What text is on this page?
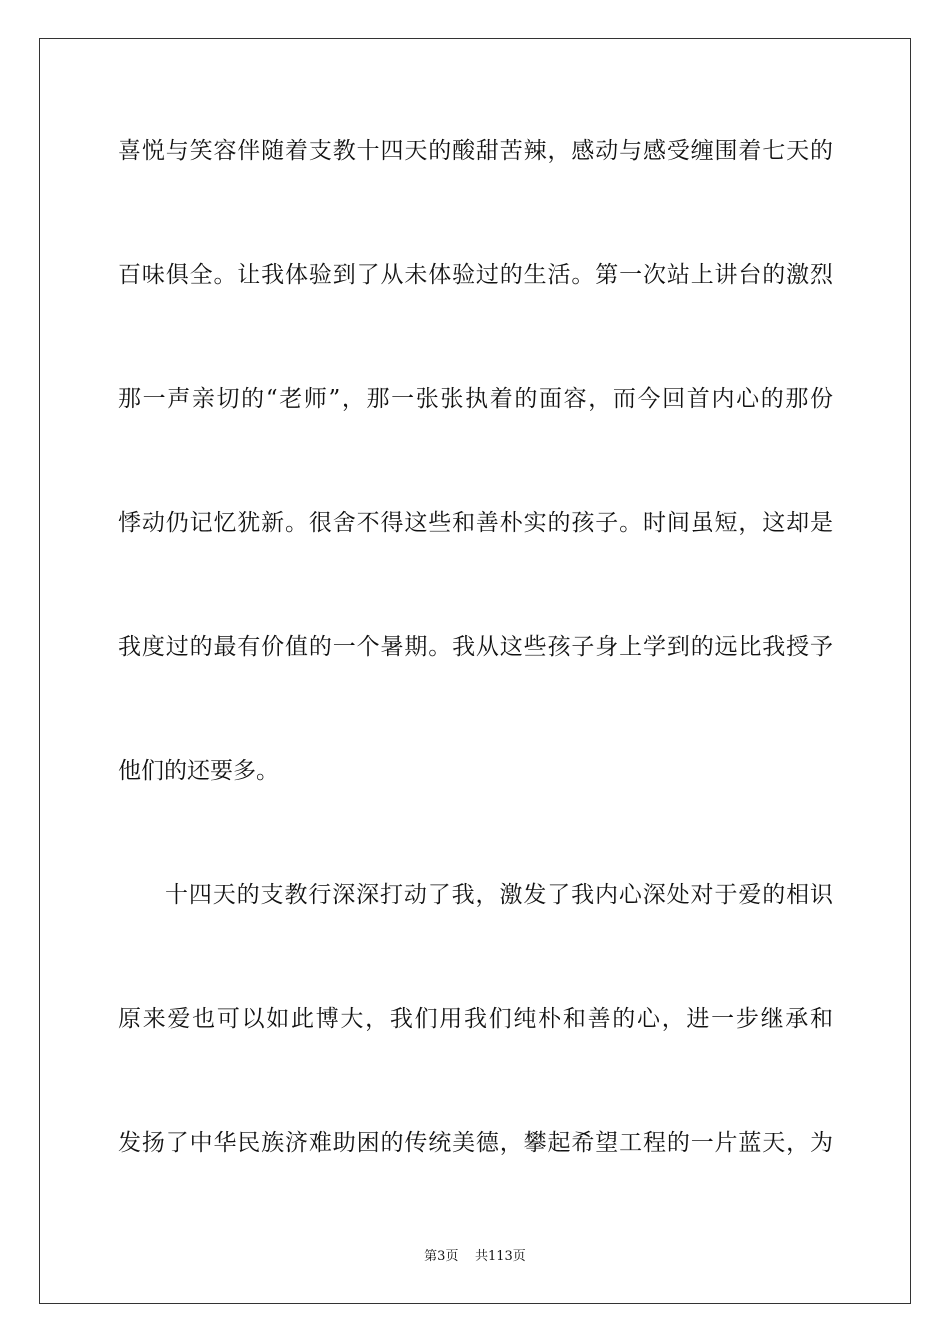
喜悦与笑容伴随着支教十四天的酸甜苦辣，感动与感受缠围着七天的
百味俱全。让我体验到了从未体验过的生活。第一次站上讲台的激烈
那一声亲切的“老师”，那一张张执着的面容，而今回首内心的那份
悸动仍记忆犹新。很舍不得这些和善朴实的孩子。时间虽短，这却是
我度过的最有价值的一个暑期。我从这些孩子身上学到的远比我授予
他们的还要多。
十四天的支教行深深打动了我，激发了我内心深处对于爱的相识
原来爱也可以如此博大，我们用我们纯朴和善的心，进一步继承和
发扬了中华民族济难助困的传统美德，攀起希望工程的一片蓝天，为
第3页 共113页
